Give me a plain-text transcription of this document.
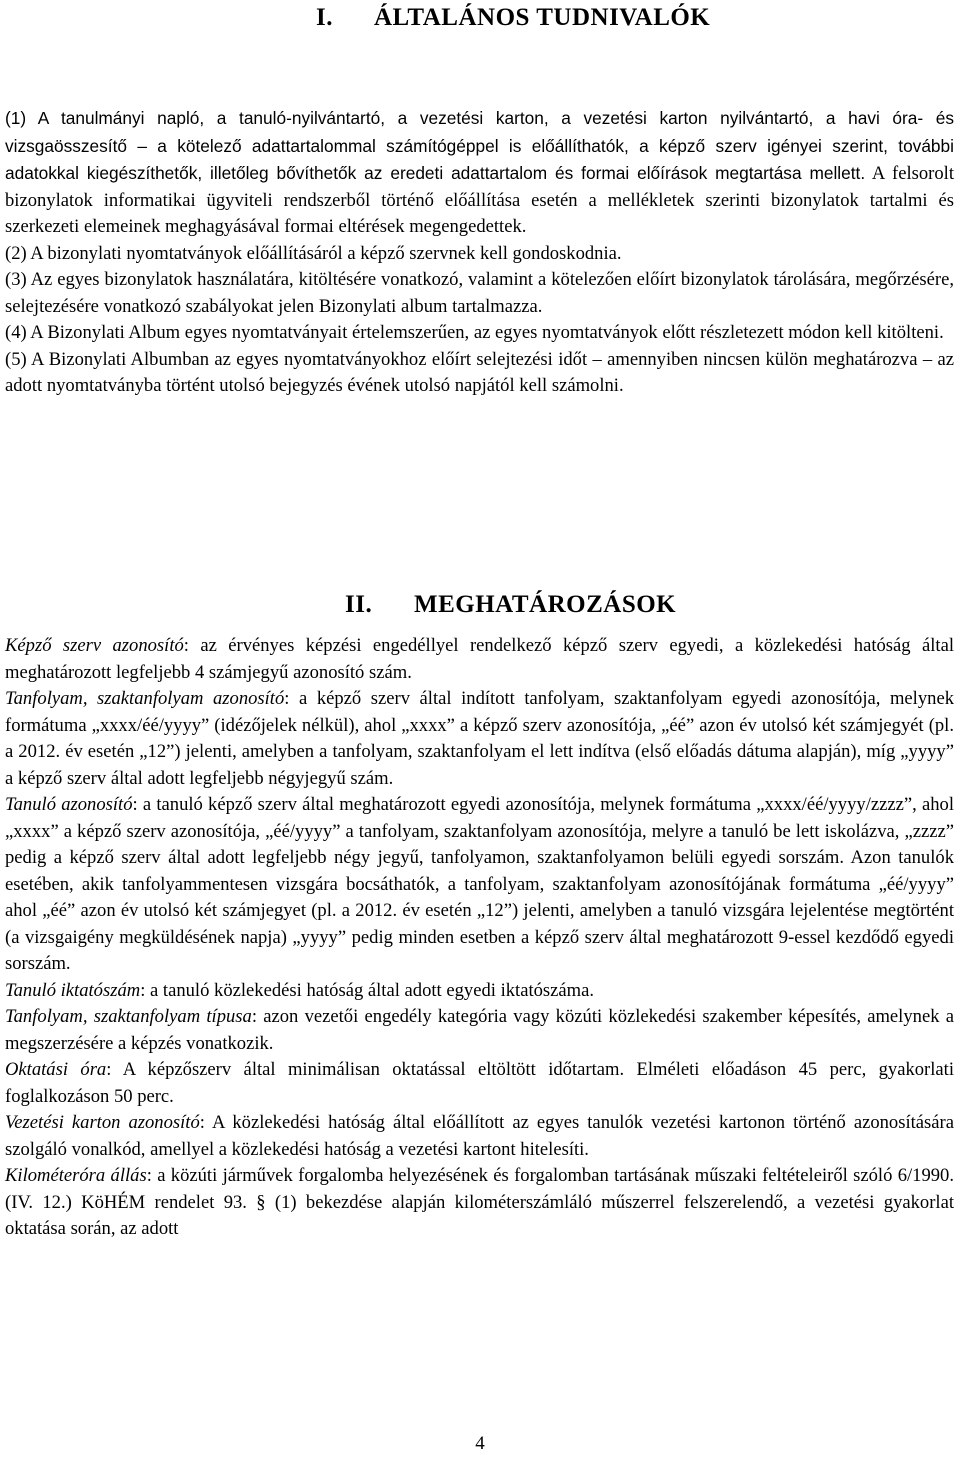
I. ÁLTALÁNOS TUDNIVALÓK

(1) A tanulmányi napló, a tanuló-nyilvántartó, a vezetési karton, a vezetési karton nyilvántartó, a havi óra- és vizsgaösszesítő – a kötelező adattartalommal számítógéppel is előállíthatók, a képző szerv igényei szerint, további adatokkal kiegészíthetők, illetőleg bővíthetők az eredeti adattartalom és formai előírások megtartása mellett. A felsorolt bizonylatok informatikai ügyviteli rendszerből történő előállítása esetén a mellékletek szerinti bizonylatok tartalmi és szerkezeti elemeinek meghagyásával formai eltérések megengedettek.

(2) A bizonylati nyomtatványok előállításáról a képző szervnek kell gondoskodnia.

(3) Az egyes bizonylatok használatára, kitöltésére vonatkozó, valamint a kötelezően előírt bizonylatok tárolására, megőrzésére, selejtezésére vonatkozó szabályokat jelen Bizonylati album tartalmazza.

(4) A Bizonylati Album egyes nyomtatványait értelemszerűen, az egyes nyomtatványok előtt részletezett módon kell kitölteni.

(5) A Bizonylati Albumban az egyes nyomtatványokhoz előírt selejtezési időt – amennyiben nincsen külön meghatározva – az adott nyomtatványba történt utolsó bejegyzés évének utolsó napjától kell számolni.

II. MEGHATÁROZÁSOK

Képző szerv azonosító: az érvényes képzési engedéllyel rendelkező képző szerv egyedi, a közlekedési hatóság által meghatározott legfeljebb 4 számjegyű azonosító szám.

Tanfolyam, szaktanfolyam azonosító: a képző szerv által indított tanfolyam, szaktanfolyam egyedi azonosítója, melynek formátuma „xxxx/éé/yyyy” (idézőjelek nélkül), ahol „xxxx” a képző szerv azonosítója, „éé” azon év utolsó két számjegyét (pl. a 2012. év esetén „12”) jelenti, amelyben a tanfolyam, szaktanfolyam el lett indítva (első előadás dátuma alapján), míg „yyyy” a képző szerv által adott legfeljebb négyjegyű szám.

Tanuló azonosító: a tanuló képző szerv által meghatározott egyedi azonosítója, melynek formátuma „xxxx/éé/yyyy/zzzz”, ahol „xxxx” a képző szerv azonosítója, „éé/yyyy” a tanfolyam, szaktanfolyam azonosítója, melyre a tanuló be lett iskolázva, „zzzz” pedig a képző szerv által adott legfeljebb négy jegyű, tanfolyamon, szaktanfolyamon belüli egyedi sorszám. Azon tanulók esetében, akik tanfolyammentesen vizsgára bocsáthatók, a tanfolyam, szaktanfolyam azonosítójának formátuma „éé/yyyy” ahol „éé” azon év utolsó két számjegyet (pl. a 2012. év esetén „12”) jelenti, amelyben a tanuló vizsgára lejelentése megtörtént (a vizsgaigény megküldésének napja) „yyyy” pedig minden esetben a képző szerv által meghatározott 9-essel kezdődő egyedi sorszám.

Tanuló iktatószám: a tanuló közlekedési hatóság által adott egyedi iktatószáma.

Tanfolyam, szaktanfolyam típusa: azon vezetői engedély kategória vagy közúti közlekedési szakember képesítés, amelynek a megszerzésére a képzés vonatkozik.

Oktatási óra: A képzőszerv által minimálisan oktatással eltöltött időtartam. Elméleti előadáson 45 perc, gyakorlati foglalkozáson 50 perc.

Vezetési karton azonosító: A közlekedési hatóság által előállított az egyes tanulók vezetési kartonon történő azonosítására szolgáló vonalkód, amellyel a közlekedési hatóság a vezetési kartont hitelesíti.

Kilométeróra állás: a közúti járművek forgalomba helyezésének és forgalomban tartásának műszaki feltételeiről szóló 6/1990. (IV. 12.) KöHÉM rendelet 93. § (1) bekezdése alapján kilométerszámláló műszerrel felszerelendő, a vezetési gyakorlat oktatása során, az adott

4
